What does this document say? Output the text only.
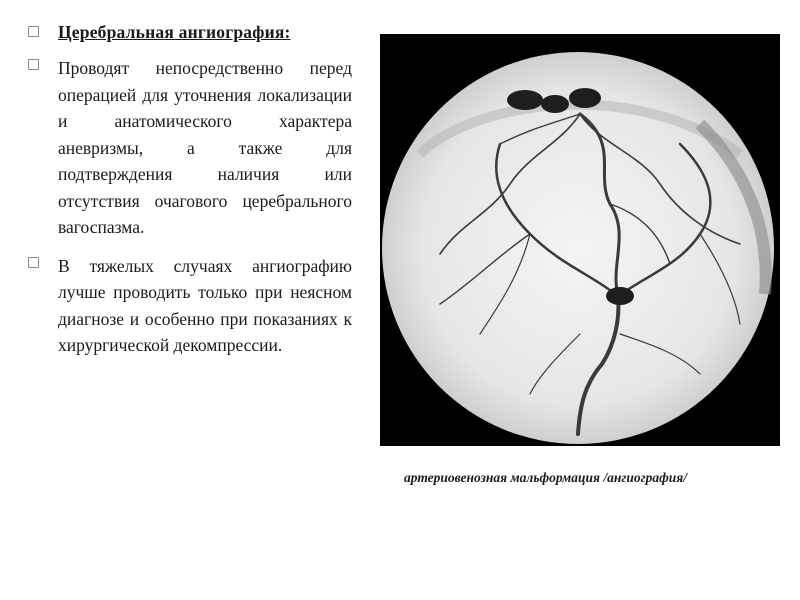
Церебральная ангиография:

Проводят непосредственно перед операцией для уточнения локализации и анатомического характера аневризмы, а также для подтверждения наличия или отсутствия очагового церебрального вагоспазма.

В тяжелых случаях ангиографию лучше проводить только при неясном диагнозе и особенно при показаниях к хирургической декомпрессии.

артериовенозная мальформация /ангиография/
